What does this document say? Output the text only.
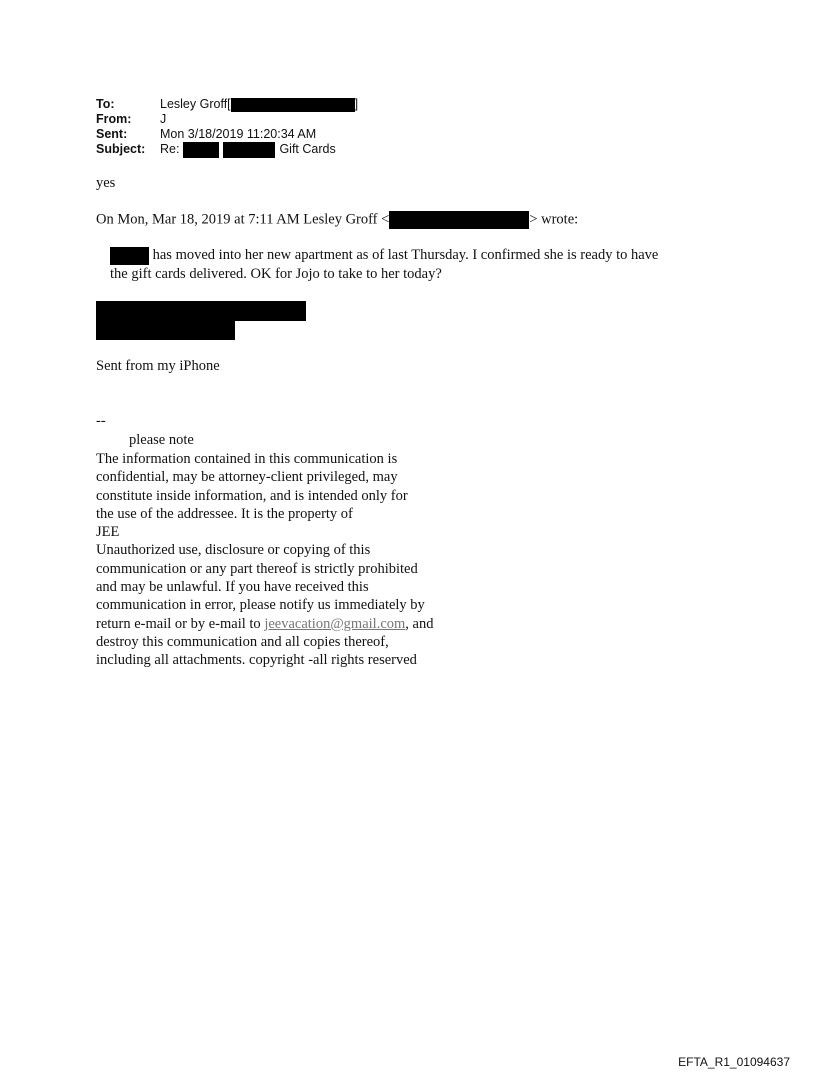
To:	Lesley Groff [	]
From:	J
Sent:	Mon 3/18/2019 11:20:34 AM
Subject:	Re:	Gift Cards
yes
On Mon, Mar 18, 2019 at 7:11 AM Lesley Groff <	> wrote:
has moved into her new apartment as of last Thursday. I confirmed she is ready to have
the gift cards delivered. OK for Jojo to take to her today?
Sent from my iPhone
--
please note
The information contained in this communication is
confidential, may be attorney-client privileged, may
constitute inside information, and is intended only for
the use of the addressee. It is the property of
JEE
Unauthorized use, disclosure or copying of this
communication or any part thereof is strictly prohibited
and may be unlawful. If you have received this
communication in error, please notify us immediately by
return e-mail or by e-mail to jeevacation@gmail.com, and
destroy this communication and all copies thereof,
including all attachments. copyright -all rights reserved
EFTA_R1_01094637
